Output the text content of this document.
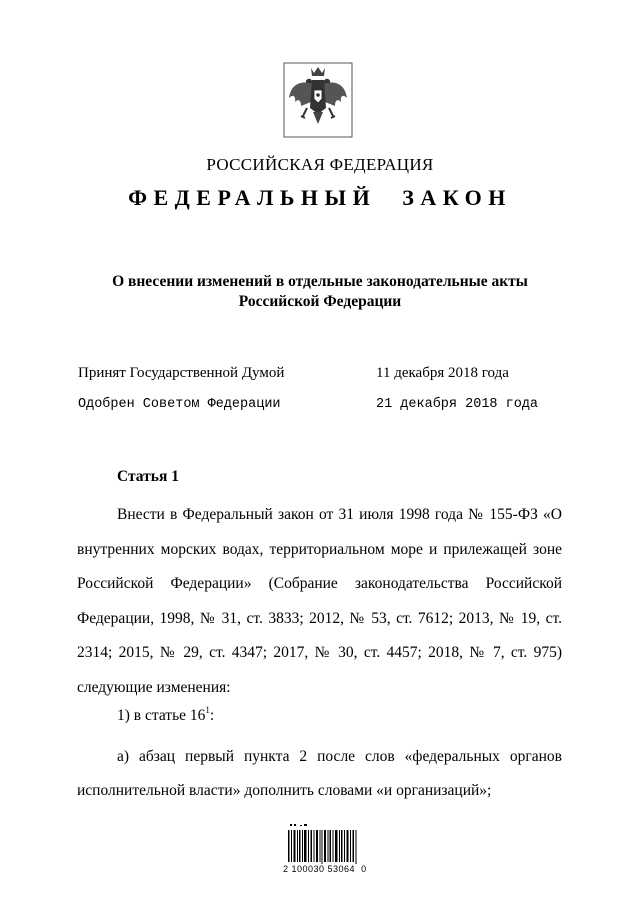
РОССИЙСКАЯ ФЕДЕРАЦИЯ
ФЕДЕРАЛЬНЫЙ ЗАКОН
О внесении изменений в отдельные законодательные акты Российской Федерации
Принят Государственной Думой	11 декабря 2018 года
Одобрен Советом Федерации	21 декабря 2018 года
Статья 1
Внести в Федеральный закон от 31 июля 1998 года № 155-ФЗ «О внутренних морских водах, территориальном море и прилежащей зоне Российской Федерации» (Собрание законодательства Российской Федерации, 1998, № 31, ст. 3833; 2012, № 53, ст. 7612; 2013, № 19, ст. 2314; 2015, № 29, ст. 4347; 2017, № 30, ст. 4457; 2018, № 7, ст. 975) следующие изменения:
1) в статье $16^1$:
а) абзац первый пункта 2 после слов «федеральных органов исполнительной власти» дополнить словами «и организаций»;
2 100030 53064  0
